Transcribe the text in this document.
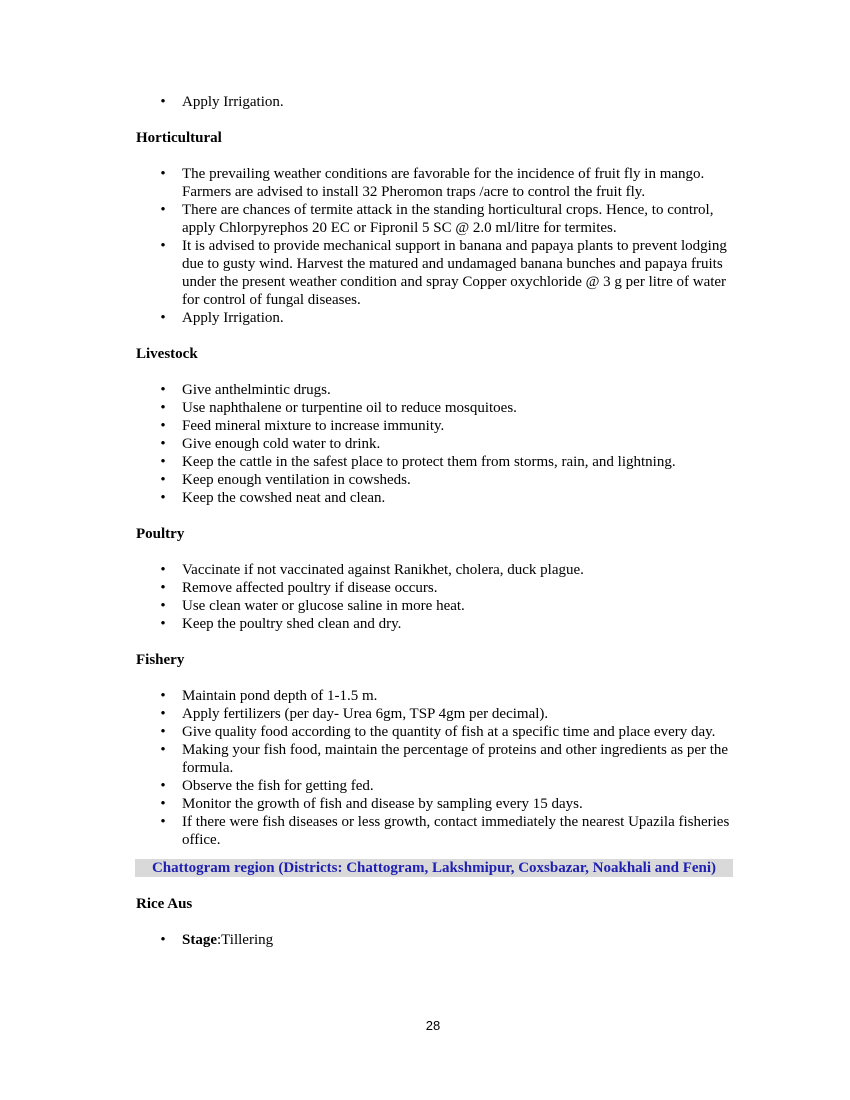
• Apply Irrigation.

Horticultural

• The prevailing weather conditions are favorable for the incidence of fruit fly in mango. Farmers are advised to install 32 Pheromon traps /acre to control the fruit fly.
• There are chances of termite attack in the standing horticultural crops. Hence, to control, apply Chlorpyrephos 20 EC or Fipronil 5 SC @ 2.0 ml/litre for termites.
• It is advised to provide mechanical support in banana and papaya plants to prevent lodging due to gusty wind. Harvest the matured and undamaged banana bunches and papaya fruits under the present weather condition and spray Copper oxychloride @ 3 g per litre of water for control of fungal diseases.
• Apply Irrigation.

Livestock

• Give anthelmintic drugs.
• Use naphthalene or turpentine oil to reduce mosquitoes.
• Feed mineral mixture to increase immunity.
• Give enough cold water to drink.
• Keep the cattle in the safest place to protect them from storms, rain, and lightning.
• Keep enough ventilation in cowsheds.
• Keep the cowshed neat and clean.

Poultry

• Vaccinate if not vaccinated against Ranikhet, cholera, duck plague.
• Remove affected poultry if disease occurs.
• Use clean water or glucose saline in more heat.
• Keep the poultry shed clean and dry.

Fishery

• Maintain pond depth of 1-1.5 m.
• Apply fertilizers (per day- Urea 6gm, TSP 4gm per decimal).
• Give quality food according to the quantity of fish at a specific time and place every day.
• Making your fish food, maintain the percentage of proteins and other ingredients as per the formula.
• Observe the fish for getting fed.
• Monitor the growth of fish and disease by sampling every 15 days.
• If there were fish diseases or less growth, contact immediately the nearest Upazila fisheries office.
Chattogram region (Districts: Chattogram, Lakshmipur, Coxsbazar, Noakhali and Feni)

Rice Aus

• Stage:Tillering
28
